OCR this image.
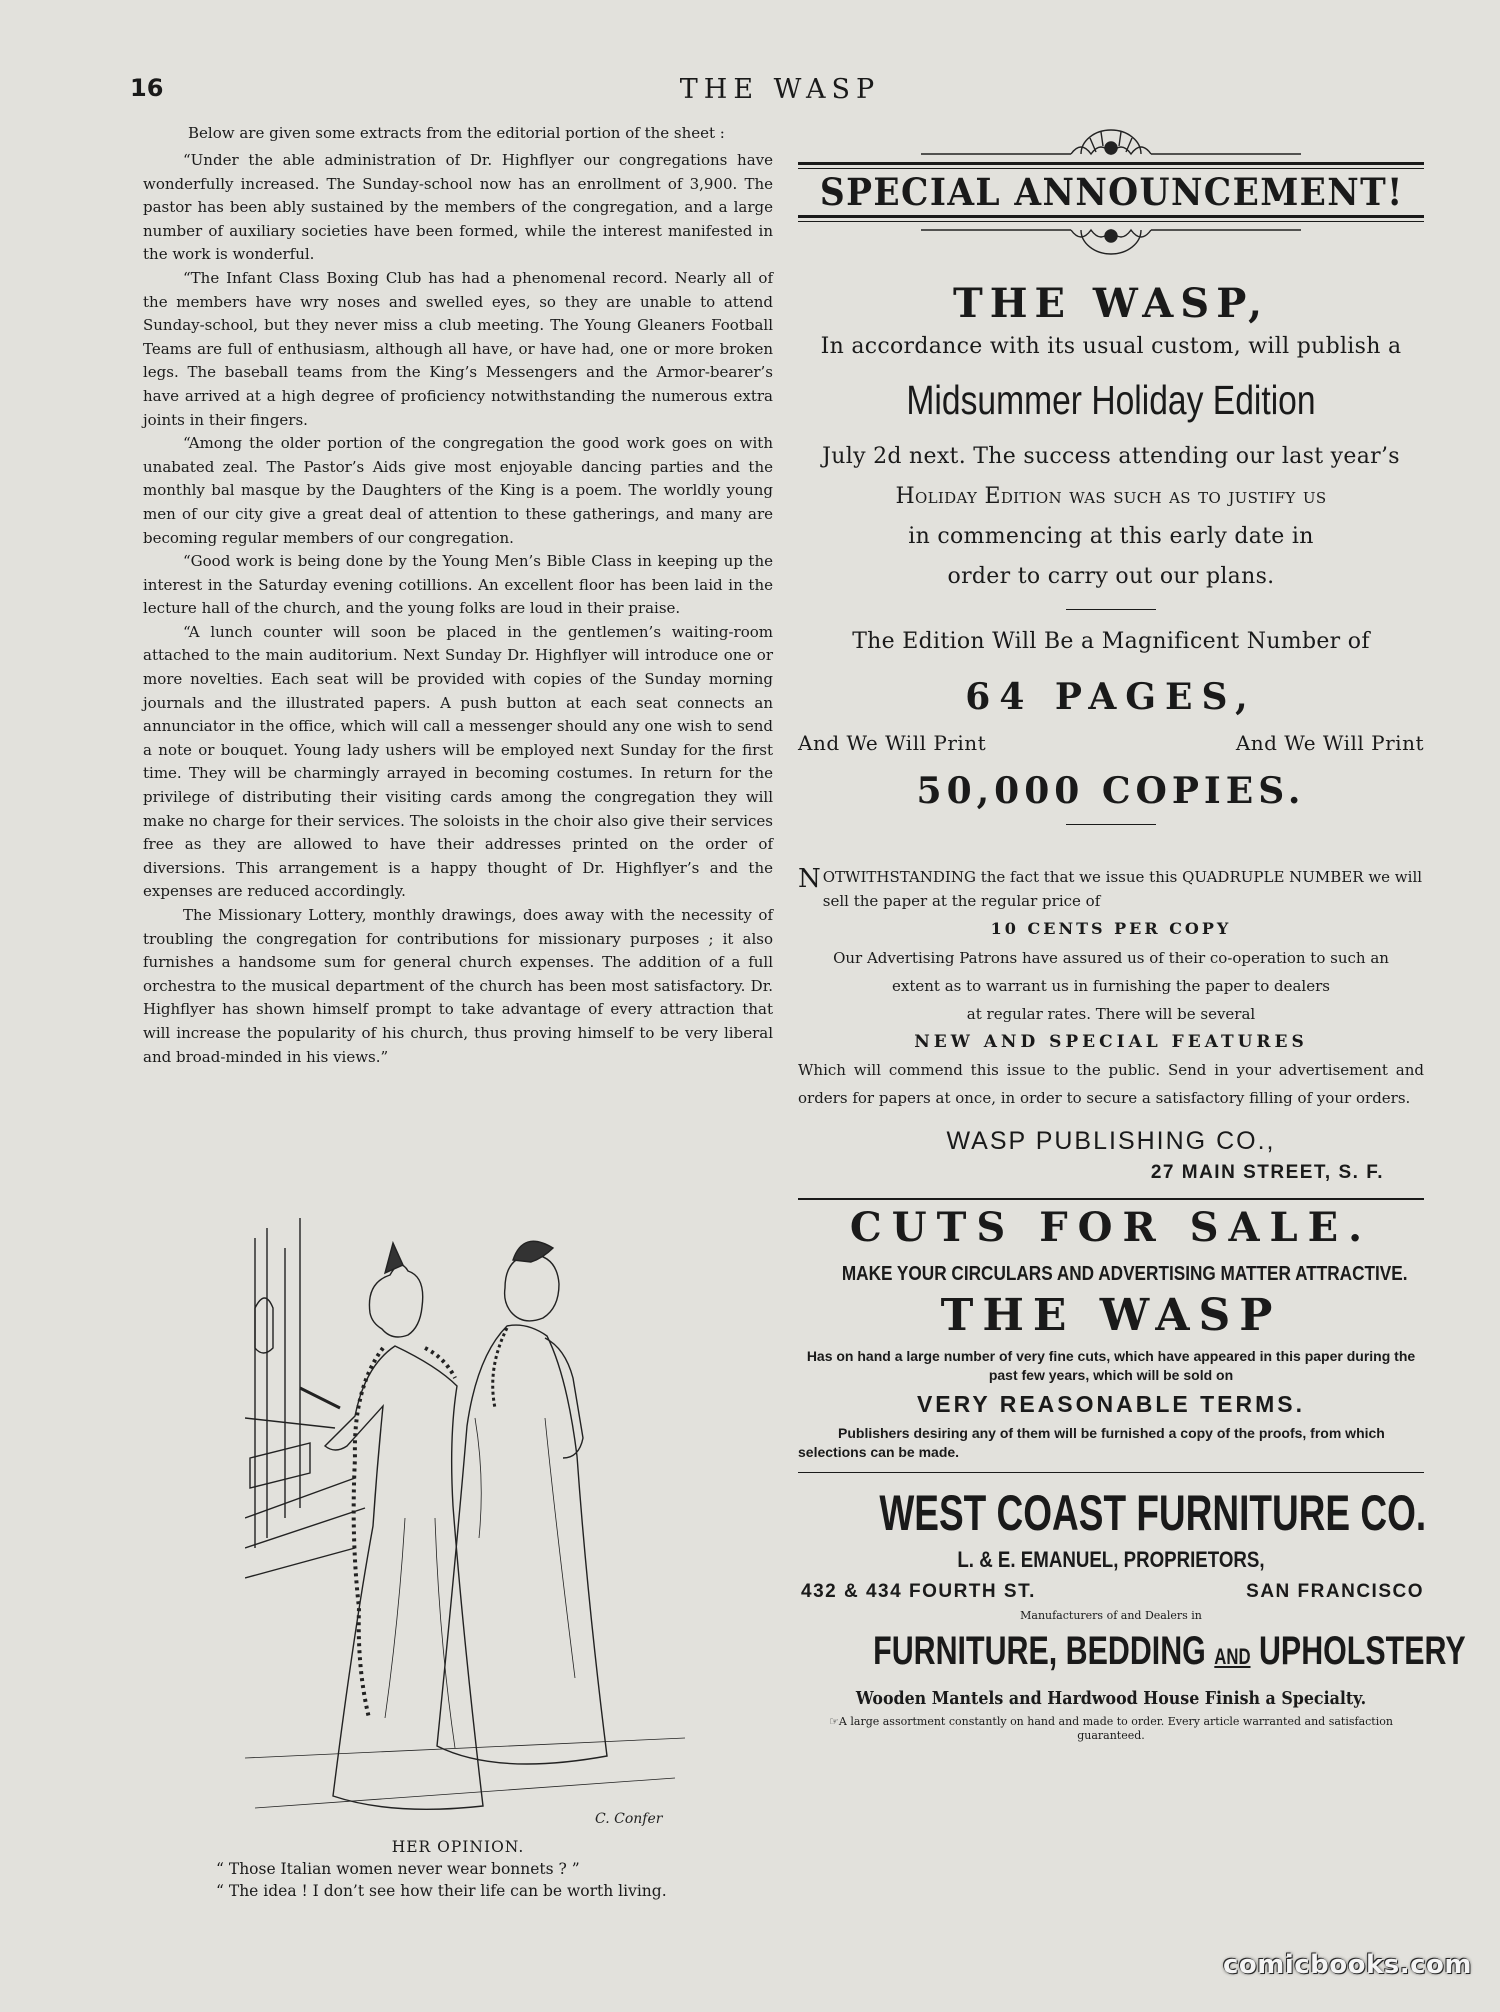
16	THE WASP

Below are given some extracts from the editorial portion of the sheet :

“Under the able administration of Dr. Highflyer our congregations have wonderfully increased. The Sunday-school now has an enrollment of 3,900. The pastor has been ably sustained by the members of the congregation, and a large number of auxiliary societies have been formed, while the interest manifested in the work is wonderful.

“The Infant Class Boxing Club has had a phenomenal record. Nearly all of the members have wry noses and swelled eyes, so they are unable to attend Sunday-school, but they never miss a club meeting. The Young Gleaners Football Teams are full of enthusiasm, although all have, or have had, one or more broken legs. The baseball teams from the King’s Messengers and the Armor-bearer’s have arrived at a high degree of proficiency notwithstanding the numerous extra joints in their fingers.

“Among the older portion of the congregation the good work goes on with unabated zeal. The Pastor’s Aids give most enjoyable dancing parties and the monthly bal masque by the Daughters of the King is a poem. The worldly young men of our city give a great deal of attention to these gatherings, and many are becoming regular members of our congregation.

“Good work is being done by the Young Men’s Bible Class in keeping up the interest in the Saturday evening cotillions. An excellent floor has been laid in the lecture hall of the church, and the young folks are loud in their praise.

“A lunch counter will soon be placed in the gentlemen’s waiting-room attached to the main auditorium. Next Sunday Dr. Highflyer will introduce one or more novelties. Each seat will be provided with copies of the Sunday morning journals and the illustrated papers. A push button at each seat connects an annunciator in the office, which will call a messenger should any one wish to send a note or bouquet. Young lady ushers will be employed next Sunday for the first time. They will be charmingly arrayed in becoming costumes. In return for the privilege of distributing their visiting cards among the congregation they will make no charge for their services. The soloists in the choir also give their services free as they are allowed to have their addresses printed on the order of diversions. This arrangement is a happy thought of Dr. Highflyer’s and the expenses are reduced accordingly.

The Missionary Lottery, monthly drawings, does away with the necessity of troubling the congregation for contributions for missionary purposes ; it also furnishes a handsome sum for general church expenses. The addition of a full orchestra to the musical department of the church has been most satisfactory. Dr. Highflyer has shown himself prompt to take advantage of every attraction that will increase the popularity of his church, thus proving himself to be very liberal and broad-minded in his views.”

C. Confer
HER OPINION.
“ Those Italian women never wear bonnets ? ”
“ The idea ! I don’t see how their life can be worth living.
SPECIAL ANNOUNCEMENT!
THE WASP,
In accordance with its usual custom, will publish a
Midsummer Holiday Edition
July 2d next. The success attending our last year’s
Holiday Edition was such as to justify us
in commencing at this early date in
order to carry out our plans.
The Edition Will Be a Magnificent Number of
64 PAGES,
And We Will Print	And We Will Print
50,000 COPIES.
NOTWITHSTANDING the fact that we issue this QUADRUPLE NUMBER we will sell the paper at the regular price of
10 CENTS PER COPY
Our Advertising Patrons have assured us of their co-operation to such an
extent as to warrant us in furnishing the paper to dealers
at regular rates. There will be several
NEW AND SPECIAL FEATURES
Which will commend this issue to the public. Send in your advertisement and orders for papers at once, in order to secure a satisfactory filling of your orders.
WASP PUBLISHING CO.,
27 MAIN STREET, S. F.
CUTS FOR SALE.
MAKE YOUR CIRCULARS AND ADVERTISING MATTER ATTRACTIVE.
THE WASP
Has on hand a large number of very fine cuts, which have appeared in this paper during the past few years, which will be sold on
VERY REASONABLE TERMS.
Publishers desiring any of them will be furnished a copy of the proofs, from which selections can be made.
WEST COAST FURNITURE CO.
L. & E. EMANUEL, PROPRIETORS,
432 & 434 FOURTH ST.	SAN FRANCISCO
Manufacturers of and Dealers in
FURNITURE, BEDDING AND UPHOLSTERY
Wooden Mantels and Hardwood House Finish a Specialty.
☞A large assortment constantly on hand and made to order. Every article warranted and satisfaction guaranteed.
comicbooks.com
